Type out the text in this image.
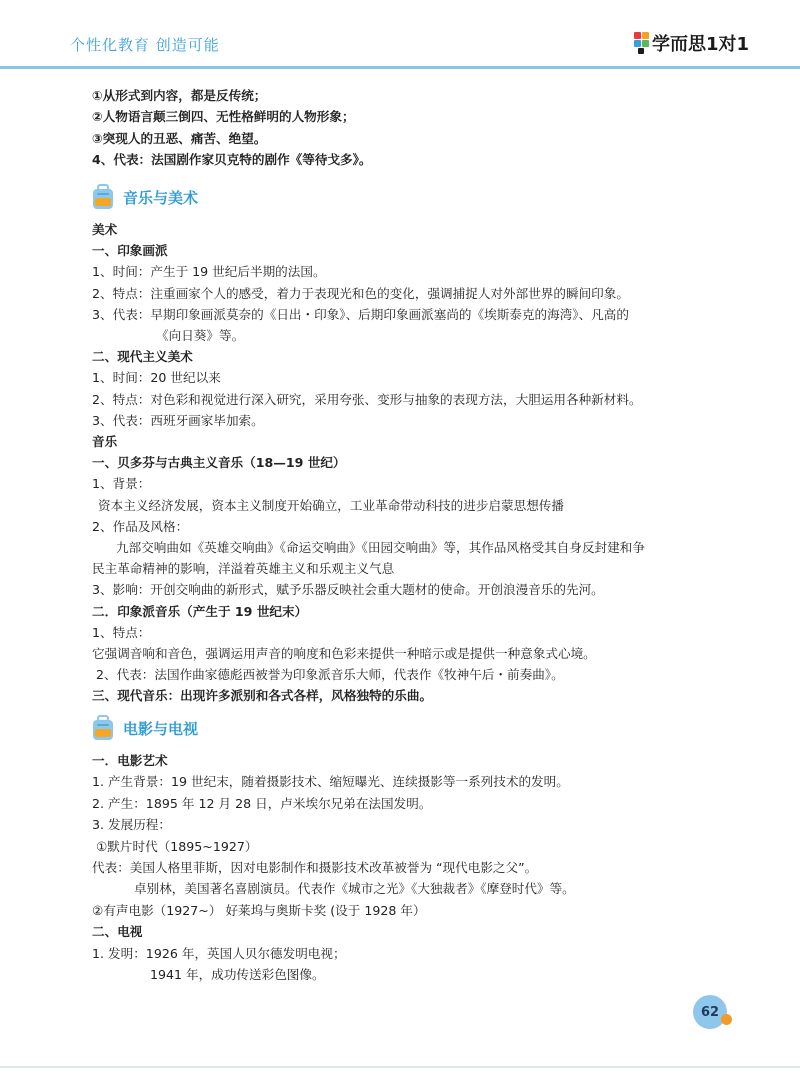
个性化教育 创造可能	学而思1对1
①从形式到内容，都是反传统；
②人物语言颠三倒四、无性格鲜明的人物形象；
③突现人的丑恶、痛苦、绝望。
4、代表：法国剧作家贝克特的剧作《等待戈多》。
音乐与美术
美术
一、印象画派
1、时间：产生于 19 世纪后半期的法国。
2、特点：注重画家个人的感受，着力于表现光和色的变化，强调捕捉人对外部世界的瞬间印象。
3、代表：早期印象画派莫奈的《日出・印象》、后期印象画派塞尚的《埃斯泰克的海湾》、凡高的
《向日葵》等。
二、现代主义美术
1、时间：20 世纪以来
2、特点：对色彩和视觉进行深入研究，采用夸张、变形与抽象的表现方法，大胆运用各种新材料。
3、代表：西班牙画家毕加索。
音乐
一、贝多芬与古典主义音乐（18—19 世纪）
1、背景：
资本主义经济发展，资本主义制度开始确立，工业革命带动科技的进步启蒙思想传播
2、作品及风格：
九部交响曲如《英雄交响曲》《命运交响曲》《田园交响曲》等，其作品风格受其自身反封建和争
民主革命精神的影响，洋溢着英雄主义和乐观主义气息
3、影响：开创交响曲的新形式，赋予乐器反映社会重大题材的使命。开创浪漫音乐的先河。
二．印象派音乐（产生于 19 世纪末）
1、特点：
它强调音响和音色，强调运用声音的响度和色彩来提供一种暗示或是提供一种意象式心境。
2、代表：法国作曲家德彪西被誉为印象派音乐大师，代表作《牧神午后・前奏曲》。
三、现代音乐：出现许多派别和各式各样，风格独特的乐曲。
电影与电视
一．电影艺术
1. 产生背景：19 世纪末，随着摄影技术、缩短曝光、连续摄影等一系列技术的发明。
2. 产生：1895 年 12 月 28 日，卢米埃尔兄弟在法国发明。
3. 发展历程：
①默片时代（1895~1927）
代表：美国人格里菲斯，因对电影制作和摄影技术改革被誉为 “现代电影之父”。
卓别林，美国著名喜剧演员。代表作《城市之光》《大独裁者》《摩登时代》等。
②有声电影（1927~） 好莱坞与奥斯卡奖 (设于 1928 年）
二、电视
1. 发明：1926 年，英国人贝尔德发明电视；
1941 年，成功传送彩色图像。
62
